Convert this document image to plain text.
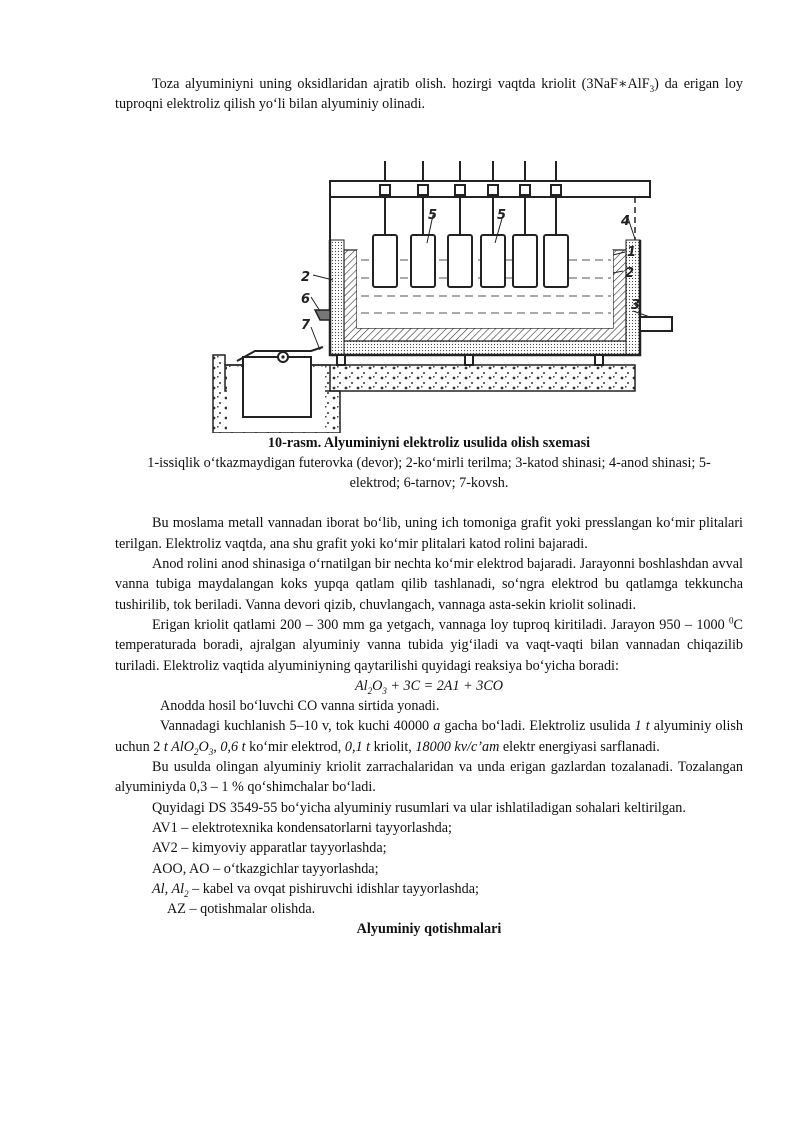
Toza alyuminiyni uning oksidlaridan ajratib olish. hozirgi vaqtda kriolit (3NaF∗AlF$_3$) da erigan loy tuproqni elektroliz qilish yo‘li bilan alyuminiy olinadi.

5	5	4
1
2
3
2
6
7

10-rasm. Alyuminiyni elektroliz usulida olish sxemasi

1-issiqlik o‘tkazmaydigan futerovka (devor); 2-ko‘mirli terilma; 3-katod shinasi; 4-anod shinasi; 5-elektrod; 6-tarnov; 7-kovsh.

Bu moslama metall vannadan iborat bo‘lib, uning ich tomoniga grafit yoki presslangan ko‘mir plitalari terilgan. Elektroliz vaqtda, ana shu grafit yoki ko‘mir plitalari katod rolini bajaradi.

Anod rolini anod shinasiga o‘rnatilgan bir nechta ko‘mir elektrod bajaradi. Jarayonni boshlashdan avval vanna tubiga maydalangan koks yupqa qatlam qilib tashlanadi, so‘ngra elektrod bu qatlamga tekkuncha tushirilib, tok beriladi. Vanna devori qizib, chuvlangach, vannaga asta-sekin kriolit solinadi.

Erigan kriolit qatlami 200 – 300 mm ga yetgach, vannaga loy tuproq kiritiladi. Jarayon 950 – 1000 $^0$C temperaturada boradi, ajralgan alyuminiy vanna tubida yig‘iladi va vaqt-vaqti bilan vannadan chiqazilib turiladi. Elektroliz vaqtida alyuminiyning qaytarilishi quyidagi reaksiya bo‘yicha boradi:

$Al_2O_3 + 3C = 2A1 + 3CO$

Anodda hosil bo‘luvchi CO vanna sirtida yonadi.

Vannadagi kuchlanish 5–10 v, tok kuchi 40000 a gacha bo‘ladi. Elektroliz usulida 1 t alyuminiy olish uchun 2 t $AlO_2O_3$, 0,6 t ko‘mir elektrod, 0,1 t kriolit, 18000 kv/c’am elektr energiyasi sarflanadi.

Bu usulda olingan alyuminiy kriolit zarrachalaridan va unda erigan gazlardan tozalanadi. Tozalangan alyuminiyda 0,3 – 1 % qo‘shimchalar bo‘ladi.

Quyidagi DS 3549-55 bo‘yicha alyuminiy rusumlari va ular ishlatiladigan sohalari keltirilgan.

AV1 – elektrotexnika kondensatorlarni tayyorlashda;

AV2 – kimyoviy apparatlar tayyorlashda;

AOO, AO – o‘tkazgichlar tayyorlashda;

Al, $Al_2$ – kabel va ovqat pishiruvchi idishlar tayyorlashda;

AZ – qotishmalar olishda.

Alyuminiy qotishmalari
